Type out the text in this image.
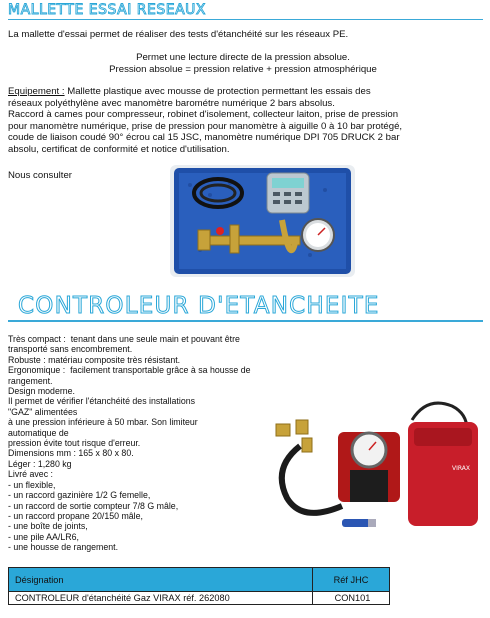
MALLETTE ESSAI RESEAUX
La mallette d'essai permet de réaliser des tests d'étanchéité sur les réseaux PE.
Permet une lecture directe de la pression absolue.
Pression absolue = pression relative + pression atmosphérique
Equipement : Mallette plastique avec mousse de protection permettant les essais des
réseaux polyéthylène avec manomètre barométre numérique 2 bars absolus.
Raccord à cames pour compresseur, robinet d'isolement, collecteur laiton, prise de pression
pour manomètre numérique, prise de pression pour manomètre à aiguille 0 à 10 bar protégé,
coude de liaison coudé 90° écrou cal 15 JSC, manomètre numérique DPI 705 DRUCK 2 bar
absolu, certificat de conformité et notice d'utilisation.
Nous consulter
CONTROLEUR D'ETANCHEITE
Très compact :  tenant dans une seule main et pouvant être
transporté sans encombrement.
Robuste : matériau composite très résistant.
Ergonomique :  facilement transportable grâce à sa housse de
rangement.
Design moderne.
Il permet de vérifier l'étanchéité des installations
"GAZ" alimentées
à une pression inférieure à 50 mbar. Son limiteur
automatique de
pression évite tout risque d'erreur.
Dimensions mm : 165 x 80 x 80.
Léger : 1,280 kg
Livré avec :
- un flexible,
- un raccord gazinière 1/2 G femelle,
- un raccord de sortie compteur 7/8 G mâle,
- un raccord propane 20/150 mâle,
- une boîte de joints,
- une pile AA/LR6,
- une housse de rangement.
VIRAX
Désignation	Réf JHC
CONTROLEUR d'étanchéité Gaz VIRAX réf. 262080	CON101
